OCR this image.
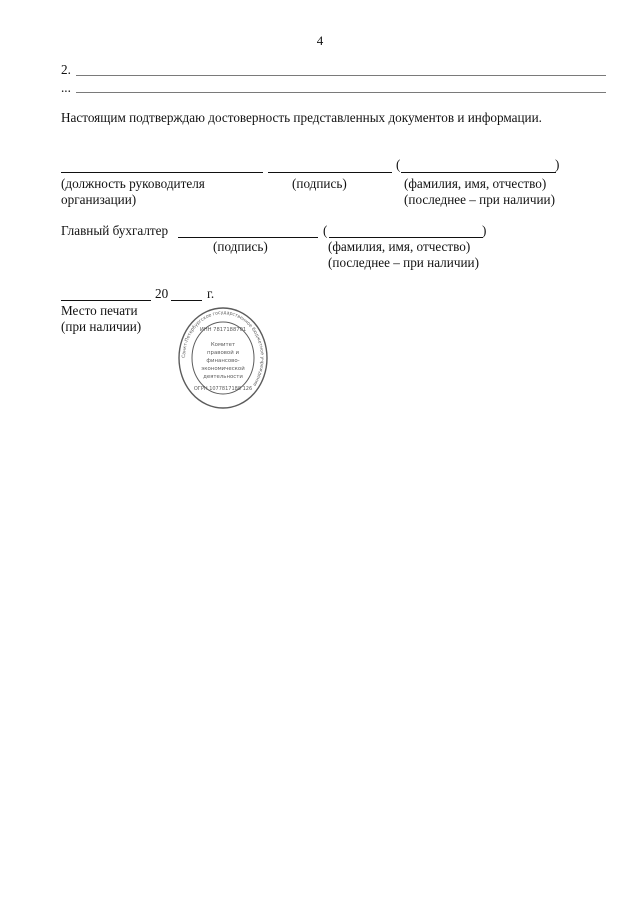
4
2.
...
Настоящим подтверждаю достоверность представленных документов и информации.
(	)
(должность руководителя
организации)
(подпись)	(фамилия, имя, отчество)
(последнее – при наличии)
Главный бухгалтер	(	)
(подпись)	(фамилия, имя, отчество)
(последнее – при наличии)
20	г.
Место печати
(при наличии)
Санкт-Петербургское государственное бюджетное учреждение
ИНН 7817188701
Комитет
правовой и
финансово-
экономической
деятельности
ОГРН 1077817188 126
